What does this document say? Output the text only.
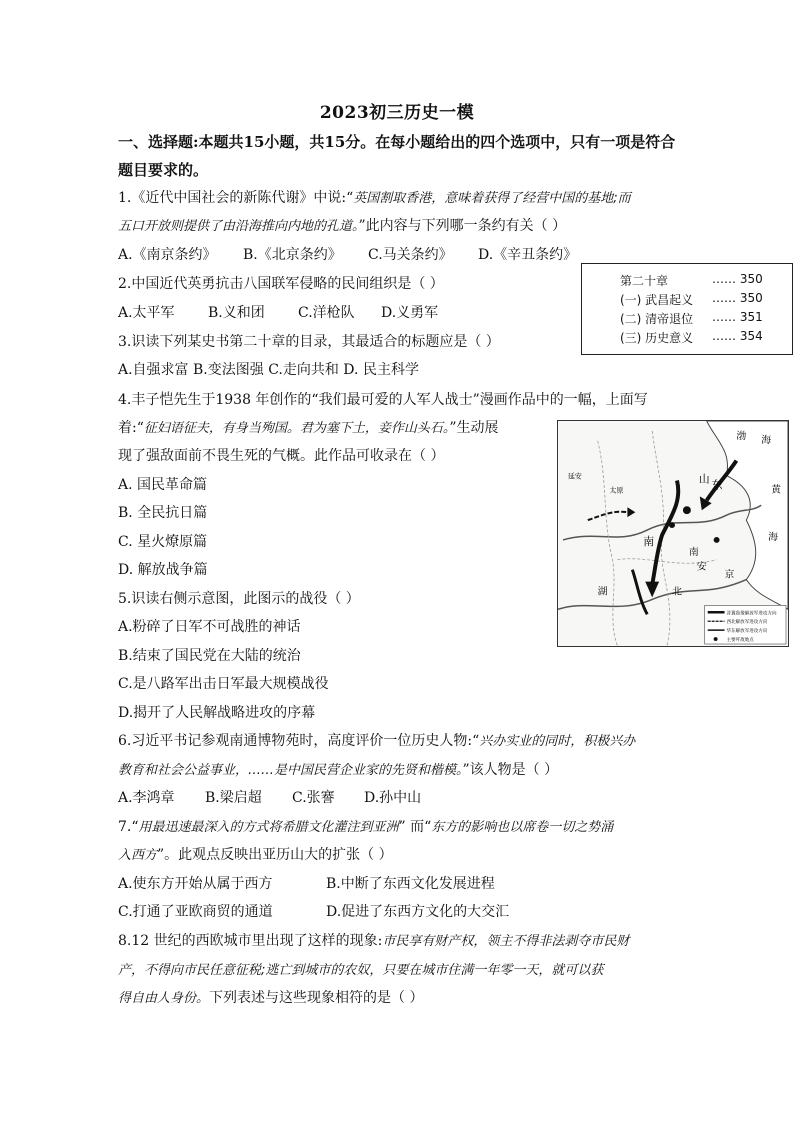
2023初三历史一模
一、选择题:本题共15小题，共15分。在每小题给出的四个选项中，只有一项是符合
题目要求的。
1.《近代中国社会的新陈代谢》中说:“英国割取香港，意味着获得了经营中国的基地;而
五口开放则提供了由沿海推向内地的孔道。”此内容与下列哪一条约有关（ ）
A.《南京条约》 B.《北京条约》 C.马关条约》 D.《辛丑条约》
2.中国近代英勇抗击八国联军侵略的民间组织是（ ）
A.太平军 B.义和团 C.洋枪队 D.义勇军
3.识读下列某史书第二十章的目录，其最适合的标题应是（ ）
A.自强求富 B.变法图强 C.走向共和 D. 民主科学
第二十章	…… 350
(一) 武昌起义 …… 350
(二) 清帝退位 …… 351
(三) 历史意义 …… 354
4.丰子恺先生于1938 年创作的“我们最可爱的人军人战士”漫画作品中的一幅，上面写
着:“征妇语征夫，有身当殉国。君为塞下土，妾作山头石。”生动展
现了强敌面前不畏生死的气概。此作品可收录在（ ）
A. 国民革命篇
B. 全民抗日篇
C. 星火燎原篇
D. 解放战争篇
渤 海
黄
海
东
山
南
京
南
安
北
湖
太原
延安
晋冀鲁豫解放军进攻方向
西北解放军进攻方向
华东解放军进攻方向
主要歼敌地点
5.识读右侧示意图，此图示的战役（ ）
A.粉碎了日军不可战胜的神话
B.结束了国民党在大陆的统治
C.是八路军出击日军最大规模战役
D.揭开了人民解战略进攻的序幕
6.习近平书记参观南通博物苑时，高度评价一位历史人物:“兴办实业的同时，积极兴办
教育和社会公益事业，……是中国民营企业家的先贤和楷模。”该人物是（ ）
A.李鸿章 B.梁启超 C.张謇 D.孙中山
7.“用最迅速最深入的方式将希腊文化灌注到亚洲” 而“东方的影响也以席卷一切之势涌
入西方”。此观点反映出亚历山大的扩张（ ）
A.使东方开始从属于西方	B.中断了东西文化发展进程
C.打通了亚欧商贸的通道	D.促进了东西方文化的大交汇
8.12 世纪的西欧城市里出现了这样的现象:市民享有财产权，领主不得非法剥夺市民财
产，不得向市民任意征税;逃亡到城市的农奴，只要在城市住满一年零一天，就可以获
得自由人身份。下列表述与这些现象相符的是（ ）
